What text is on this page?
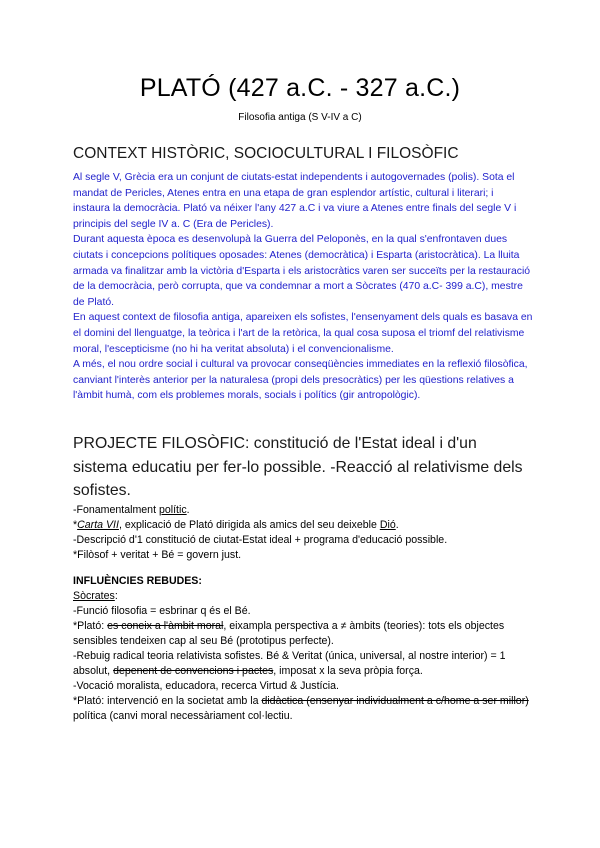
PLATÓ (427 a.C. - 327 a.C.)
Filosofia antiga (S V-IV a C)
CONTEXT HISTÒRIC, SOCIOCULTURAL I FILOSÒFIC

Al segle V, Grècia era un conjunt de ciutats-estat independents i autogovernades (polis). Sota el mandat de Pericles, Atenes entra en una etapa de gran esplendor artístic, cultural i literari; i instaura la democràcia. Plató va néixer l'any 427 a.C i va viure a Atenes entre finals del segle V i principis del segle IV a. C (Era de Pericles).

Durant aquesta època es desenvolupà la Guerra del Peloponès, en la qual s'enfrontaven dues ciutats i concepcions polítiques oposades: Atenes (democràtica) i Esparta (aristocràtica). La lluita armada va finalitzar amb la victòria d'Esparta i els aristocràtics varen ser succeïts per la restauració de la democràcia, però corrupta, que va condemnar a mort a Sòcrates (470 a.C- 399 a.C), mestre de Plató.

En aquest context de filosofia antiga, apareixen els sofistes, l'ensenyament dels quals es basava en el domini del llenguatge, la teòrica i l'art de la retòrica, la qual cosa suposa el triomf del relativisme moral, l'escepticisme (no hi ha veritat absoluta) i el convencionalisme.

A més, el nou ordre social i cultural va provocar conseqüències immediates en la reflexió filosòfica, canviant l'interès anterior per la naturalesa (propi dels presocràtics) per les qüestions relatives a l'àmbit humà, com els problemes morals, socials i polítics (gir antropològic).

PROJECTE FILOSÒFIC: constitució de l'Estat ideal i d'un sistema educatiu per fer-lo possible. -Reacció al relativisme dels sofistes.

-Fonamentalment polític.

*Carta VII, explicació de Plató dirigida als amics del seu deixeble Dió.

-Descripció d'1 constitució de ciutat-Estat ideal + programa d'educació possible.

*Filòsof + veritat + Bé = govern just.

INFLUÈNCIES REBUDES:

Sòcrates:

-Funció filosofia = esbrinar q és el Bé.

*Plató: es coneix a l'àmbit moral, eixampla perspectiva a ≠ àmbits (teories): tots els objectes sensibles tendeixen cap al seu Bé (prototipus perfecte).

-Rebuig radical teoria relativista sofistes. Bé & Veritat (única, universal, al nostre interior) = 1 absolut, depenent de convencions i pactes, imposat x la seva pròpia força.

-Vocació moralista, educadora, recerca Virtud & Justícia.

*Plató: intervenció en la societat amb la didàctica (ensenyar individualment a c/home a ser millor) política (canvi moral necessàriament col·lectiu.
